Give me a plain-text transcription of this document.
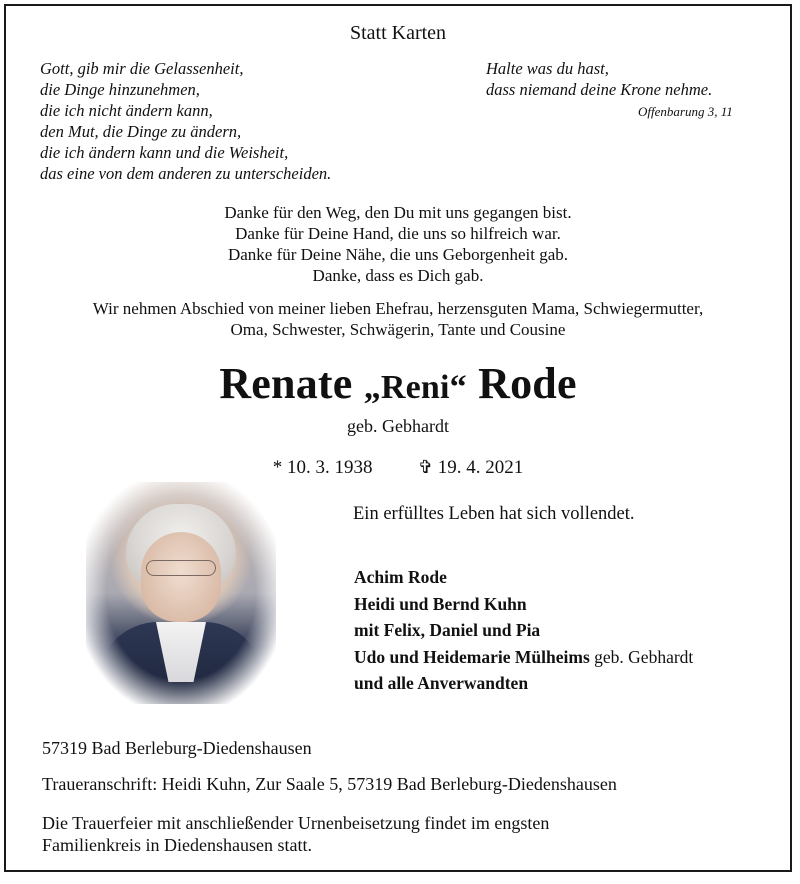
Statt Karten
Gott, gib mir die Gelassenheit,
die Dinge hinzunehmen,
die ich nicht ändern kann,
den Mut, die Dinge zu ändern,
die ich ändern kann und die Weisheit,
das eine von dem anderen zu unterscheiden.
Halte was du hast,
dass niemand deine Krone nehme.
Offenbarung 3, 11
Danke für den Weg, den Du mit uns gegangen bist.
Danke für Deine Hand, die uns so hilfreich war.
Danke für Deine Nähe, die uns Geborgenheit gab.
Danke, dass es Dich gab.
Wir nehmen Abschied von meiner lieben Ehefrau, herzensguten Mama, Schwiegermutter,
Oma, Schwester, Schwägerin, Tante und Cousine
Renate „Reni“ Rode
geb. Gebhardt
* 10. 3. 1938	✞ 19. 4. 2021
Ein erfülltes Leben hat sich vollendet.
Achim Rode
Heidi und Bernd Kuhn
mit Felix, Daniel und Pia
Udo und Heidemarie Mülheims geb. Gebhardt
und alle Anverwandten
57319 Bad Berleburg-Diedenshausen
Traueranschrift: Heidi Kuhn, Zur Saale 5, 57319 Bad Berleburg-Diedenshausen
Die Trauerfeier mit anschließender Urnenbeisetzung findet im engsten
Familienkreis in Diedenshausen statt.
